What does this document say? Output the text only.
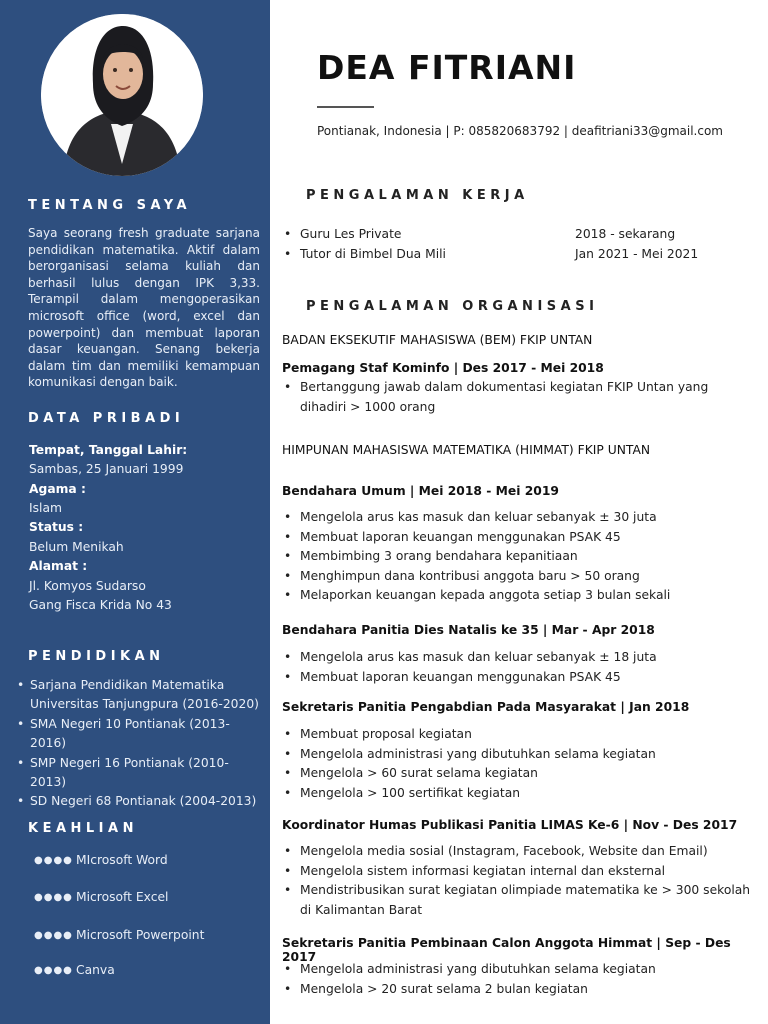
TENTANG SAYA
Saya seorang fresh graduate sarjana pendidikan matematika. Aktif dalam berorganisasi selama kuliah dan berhasil lulus dengan IPK 3,33. Terampil dalam mengoperasikan microsoft office (word, excel dan powerpoint) dan membuat laporan dasar keuangan. Senang bekerja dalam tim dan memiliki kemampuan komunikasi dengan baik.
DATA PRIBADI
Tempat, Tanggal Lahir:
Sambas, 25 Januari 1999
Agama :
Islam
Status :
Belum Menikah
Alamat :
Jl. Komyos Sudarso
Gang Fisca Krida No 43
PENDIDIKAN
• Sarjana Pendidikan Matematika Universitas Tanjungpura (2016-2020)
• SMA Negeri 10 Pontianak (2013-2016)
• SMP Negeri 16 Pontianak (2010-2013)
• SD Negeri 68 Pontianak (2004-2013)
KEAHLIAN
●●●● MIcrosoft Word
●●●● Microsoft Excel
●●●● Microsoft Powerpoint
●●●● Canva
DEA FITRIANI
Pontianak, Indonesia | P: 085820683792 | deafitriani33@gmail.com
PENGALAMAN KERJA
• Guru Les Private	2018 - sekarang
• Tutor di Bimbel Dua Mili	Jan 2021 - Mei 2021
PENGALAMAN ORGANISASI
BADAN EKSEKUTIF MAHASISWA (BEM) FKIP UNTAN
Pemagang Staf Kominfo | Des 2017 - Mei 2018
• Bertanggung jawab dalam dokumentasi kegiatan FKIP Untan yang dihadiri > 1000 orang
HIMPUNAN MAHASISWA MATEMATIKA (HIMMAT) FKIP UNTAN
Bendahara Umum | Mei 2018 - Mei 2019
• Mengelola arus kas masuk dan keluar sebanyak ± 30 juta
• Membuat laporan keuangan menggunakan PSAK 45
• Membimbing 3 orang bendahara kepanitiaan
• Menghimpun dana kontribusi anggota baru > 50 orang
• Melaporkan keuangan kepada anggota setiap 3 bulan sekali
Bendahara Panitia Dies Natalis ke 35 | Mar - Apr 2018
• Mengelola arus kas masuk dan keluar sebanyak ± 18 juta
• Membuat laporan keuangan menggunakan PSAK 45
Sekretaris Panitia Pengabdian Pada Masyarakat | Jan 2018
• Membuat proposal kegiatan
• Mengelola administrasi yang dibutuhkan selama kegiatan
• Mengelola > 60 surat selama kegiatan
• Mengelola > 100 sertifikat kegiatan
Koordinator Humas Publikasi Panitia LIMAS Ke-6 | Nov - Des 2017
• Mengelola media sosial (Instagram, Facebook, Website dan Email)
• Mengelola sistem informasi kegiatan internal dan eksternal
• Mendistribusikan surat kegiatan olimpiade matematika ke > 300 sekolah di Kalimantan Barat
Sekretaris Panitia Pembinaan Calon Anggota Himmat | Sep - Des 2017
• Mengelola administrasi yang dibutuhkan selama kegiatan
• Mengelola > 20 surat selama 2 bulan kegiatan
